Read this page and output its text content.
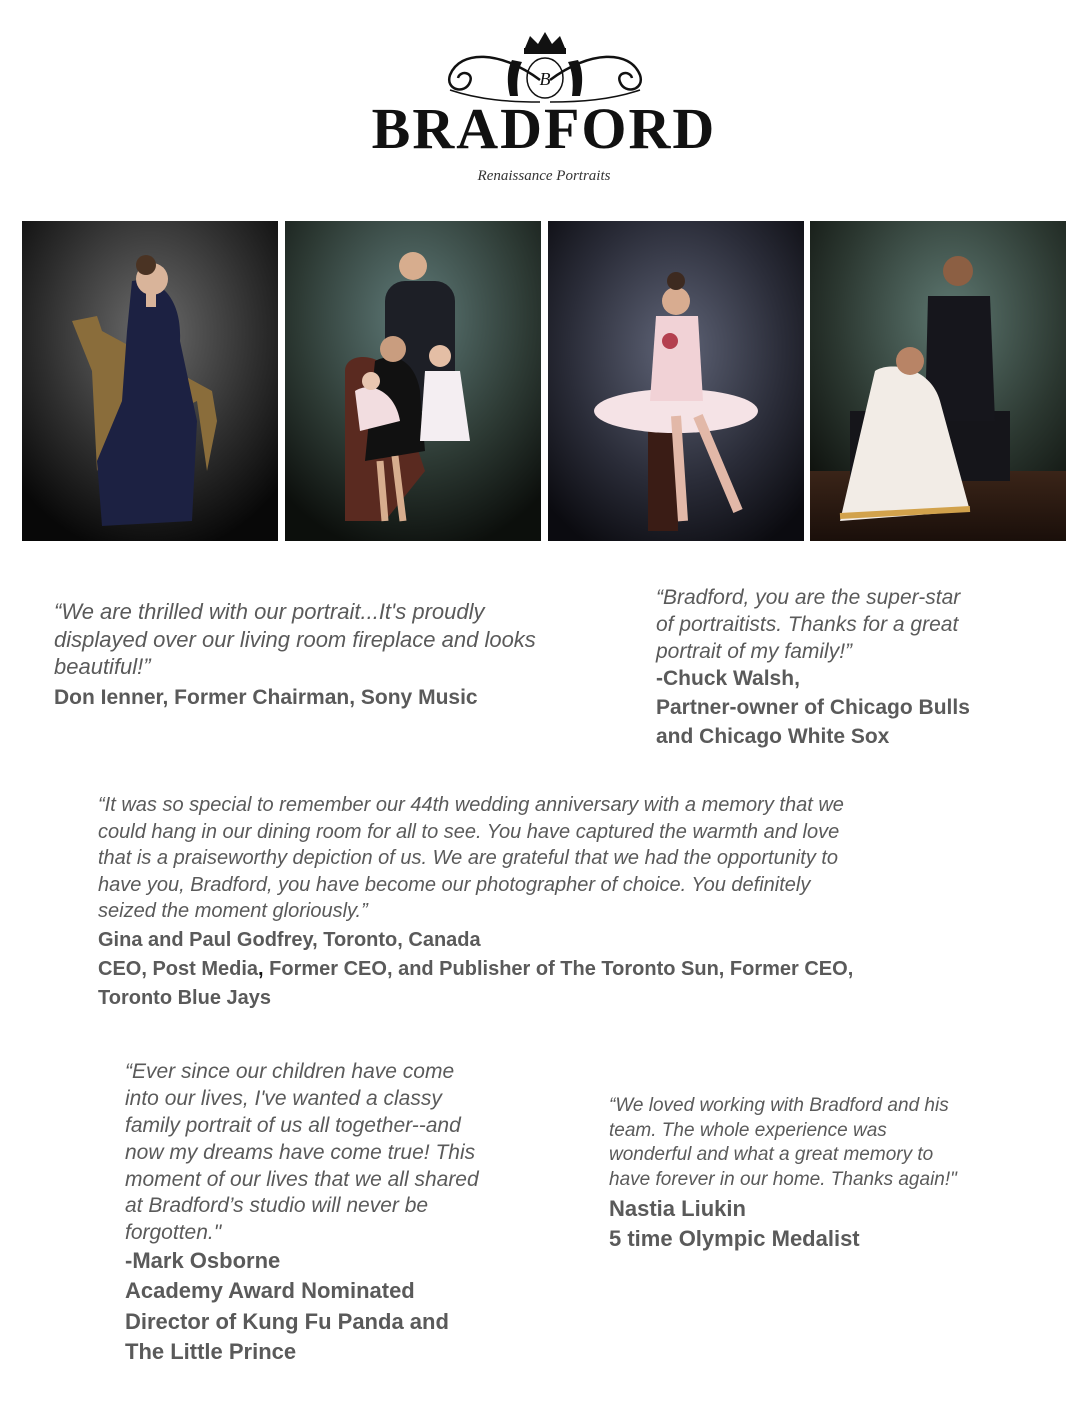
B
BRADFORD
Renaissance Portraits
“We are thrilled with our portrait...It's proudly
displayed over our living room fireplace and looks
beautiful!”
Don Ienner, Former Chairman, Sony Music
“Bradford, you are the super-star
of portraitists. Thanks for a great
portrait of my family!”
-Chuck Walsh,
Partner-owner of Chicago Bulls
and Chicago White Sox
“It was so special to remember our 44th wedding anniversary with a memory that we
could hang in our dining room for all to see. You have captured the warmth and love
that is a praiseworthy depiction of us. We are grateful that we had the opportunity to
have you, Bradford, you have become our photographer of choice. You definitely
seized the moment gloriously.”
Gina and Paul Godfrey, Toronto, Canada
CEO, Post Media, Former CEO, and Publisher of The Toronto Sun, Former CEO,
Toronto Blue Jays
“Ever since our children have come
into our lives, I've wanted a classy
family portrait of us all together--and
now my dreams have come true! This
moment of our lives that we all shared
at Bradford’s studio will never be
forgotten."
-Mark Osborne
Academy Award Nominated
Director of Kung Fu Panda and
The Little Prince
“We loved working with Bradford and his
team. The whole experience was
wonderful and what a great memory to
have forever in our home. Thanks again!"
Nastia Liukin
5 time Olympic Medalist
